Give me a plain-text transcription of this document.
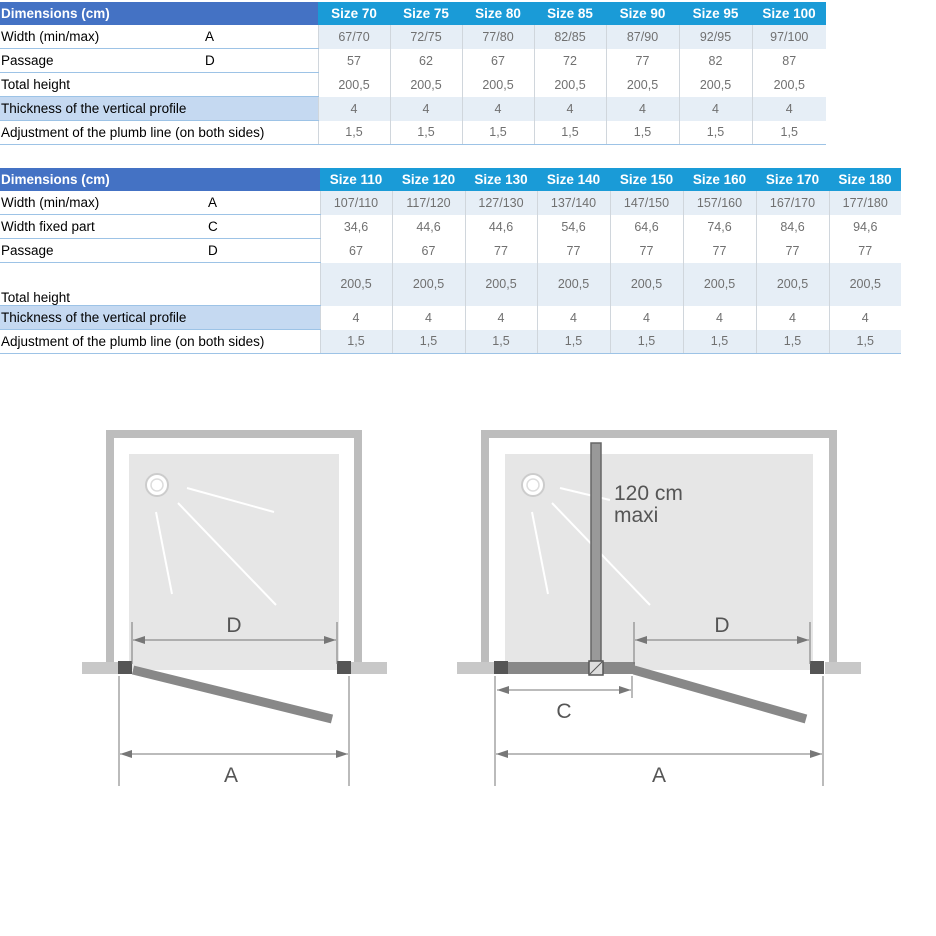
Dimensions (cm)		Size 70	Size 75	Size 80	Size 85	Size 90	Size 95	Size 100
Width (min/max)	A	67/70	72/75	77/80	82/85	87/90	92/95	97/100
Passage	D	57	62	67	72	77	82	87
Total height		200,5	200,5	200,5	200,5	200,5	200,5	200,5
Thickness of the vertical profile		4	4	4	4	4	4	4
Adjustment of the plumb line (on both sides)		1,5	1,5	1,5	1,5	1,5	1,5	1,5
Dimensions (cm)		Size 110	Size 120	Size 130	Size 140	Size 150	Size 160	Size 170	Size 180
Width (min/max)	A	107/110	117/120	127/130	137/140	147/150	157/160	167/170	177/180
Width fixed part	C	34,6	44,6	44,6	54,6	64,6	74,6	84,6	94,6
Passage	D	67	67	77	77	77	77	77	77
Total height		200,5	200,5	200,5	200,5	200,5	200,5	200,5	200,5
Thickness of the vertical profile		4	4	4	4	4	4	4	4
Adjustment of the plumb line (on both sides)		1,5	1,5	1,5	1,5	1,5	1,5	1,5	1,5
D
A
120 cm
maxi
D
C
A
